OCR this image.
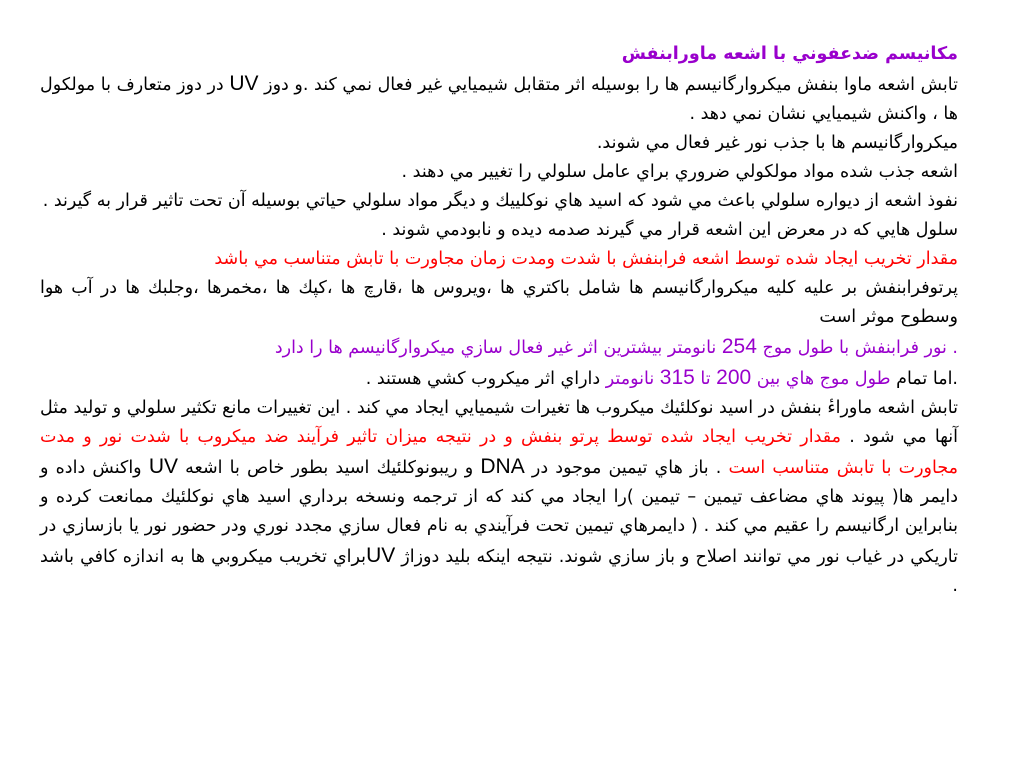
مكانيسم ضدعفوني با اشعه ماورابنفش

تابش اشعه ماوا بنفش ميكروارگانيسم ها را بوسيله اثر متقابل شيميايي غير فعال نمي كند .و دوز UV در دوز متعارف با مولكول ها ، واكنش شيميايي نشان نمي دهد .

ميكروارگانيسم ها با جذب نور غير فعال مي شوند.

اشعه جذب شده مواد مولكولي ضروري براي عامل سلولي را تغيير مي دهند .

نفوذ اشعه از ديواره سلولي باعث مي شود كه اسيد هاي نوكلييك و ديگر مواد سلولي حياتي بوسيله آن تحت تاثير قرار به گيرند .

سلول هايي كه در معرض اين اشعه قرار مي گيرند صدمه ديده و نابودمي شوند .

مقدار تخريب ايجاد شده توسط اشعه فرابنفش با شدت ومدت زمان مجاورت با تابش متناسب مي باشد

پرتوفرابنفش بر عليه كليه ميكروارگانيسم ها شامل باكتري ها ،ويروس ها ،قارچ ها ،كپك ها ،مخمرها ،وجلبك ها در آب هوا وسطوح موثر است

. نور فرابنفش با طول موج 254 نانومتر بيشترين اثر غير فعال سازي ميكروارگانيسم ها را دارد

.اما تمام طول موج هاي بين 200 تا 315 نانومتر داراي اثر ميكروب كشي هستند .

تابش اشعه ماوراءٔ بنفش در اسيد نوكلئيك ميكروب ها تغيرات شيميايي ايجاد مي كند . اين تغييرات مانع تكثير سلولي و توليد مثل آنها مي شود . مقدار تخريب ايجاد شده توسط پرتو بنفش و در نتيجه ميزان تاثير فرآيند ضد ميكروب با شدت نور و مدت مجاورت با تابش متناسب است . باز هاي تيمين موجود در DNA و ريبونوكلئيك اسيد بطور خاص با اشعه UV واكنش داده و دايمر ها( پيوند هاي مضاعف تيمين – تيمين )را ايجاد مي كند كه از ترجمه ونسخه برداري اسيد هاي نوكلئيك ممانعت كرده و بنابراين ارگانيسم را عقيم مي كند . ( دايمرهاي تيمين تحت فرآيندي به نام فعال سازي مجدد نوري ودر حضور نور يا بازسازي در تاريكي در غياب نور مي توانند اصلاح و باز سازي شوند. نتيجه اينكه بليد دوزاژ UVبراي تخريب ميكروبي ها به اندازه كافي باشد .
